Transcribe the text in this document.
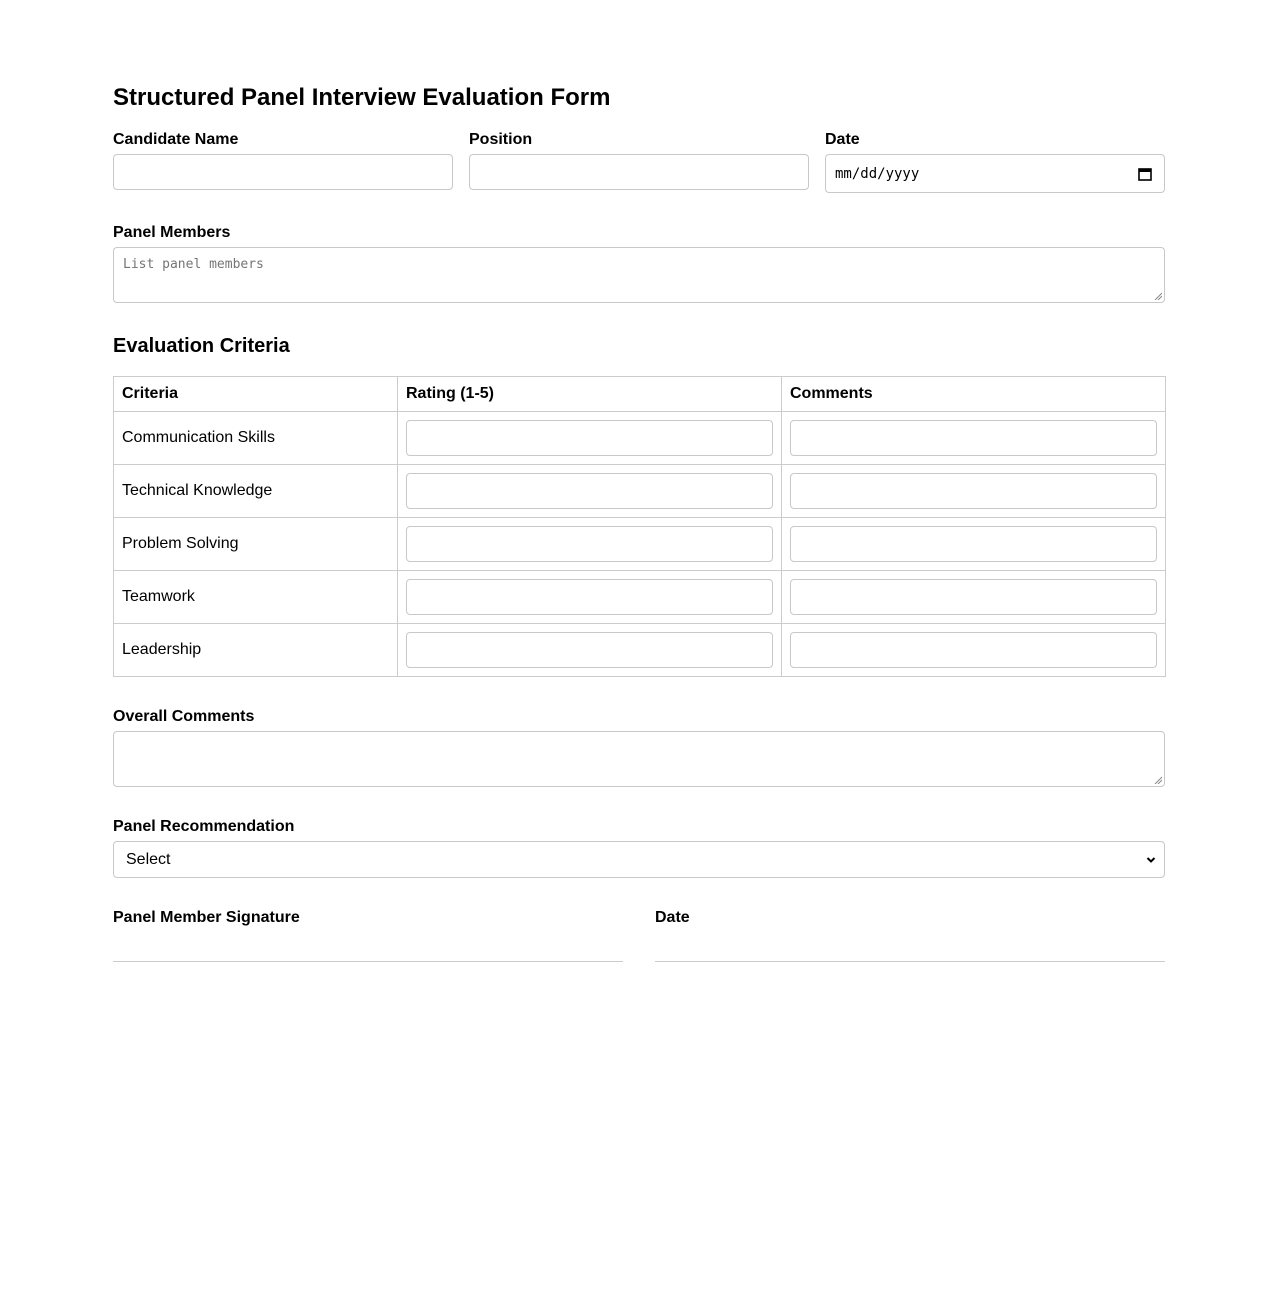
Structured Panel Interview Evaluation Form
Candidate Name	Position	Date
mm/dd/yyyy
Panel Members
List panel members
Evaluation Criteria
Criteria	Rating (1-5)	Comments
Communication Skills	

Technical Knowledge	

Problem Solving	

Teamwork	

Leadership	

Overall Comments
Panel Recommendation
Select
Panel Member Signature	Date
